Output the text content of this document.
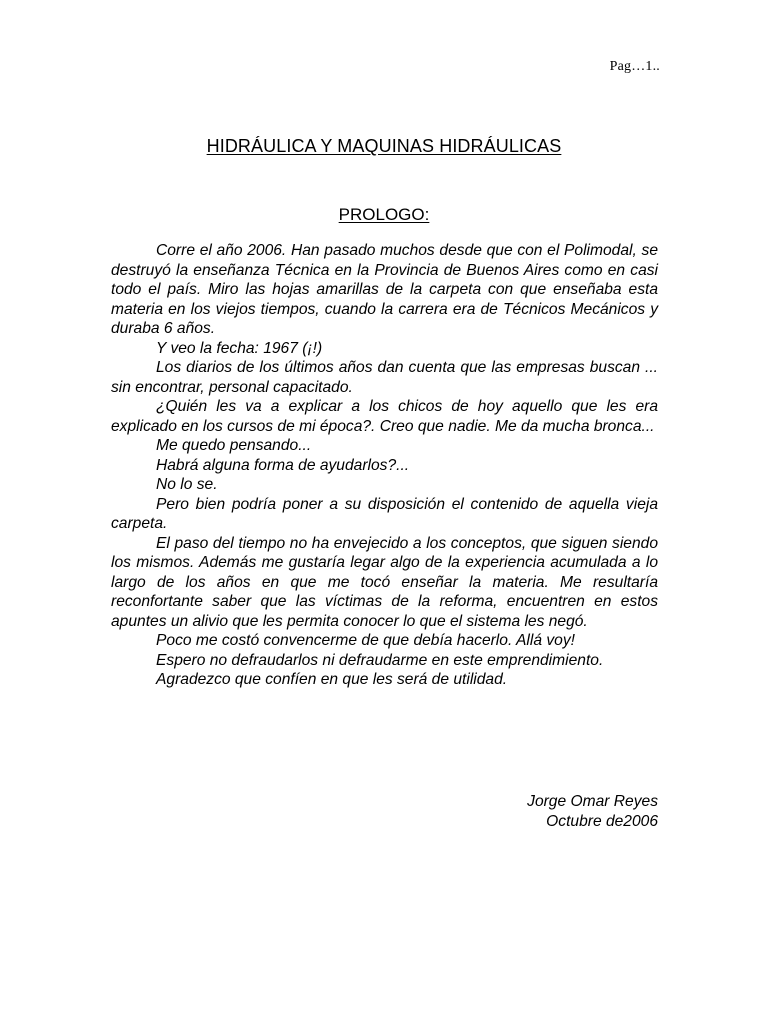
Pag…1..
HIDRÁULICA Y MAQUINAS HIDRÁULICAS
PROLOGO:

Corre el año 2006. Han pasado muchos desde que con el Polimodal, se destruyó la enseñanza Técnica en la Provincia de Buenos Aires como en casi todo el país. Miro las hojas amarillas de la carpeta con que enseñaba esta materia en los viejos tiempos, cuando la carrera era de Técnicos Mecánicos y duraba 6 años.

Y veo la fecha: 1967 (¡!)

Los diarios de los últimos años dan cuenta que las empresas buscan ... sin encontrar, personal capacitado.

¿Quién les va a explicar a los chicos de hoy aquello que les era explicado en los cursos de mi época?. Creo que nadie. Me da mucha bronca...

Me quedo pensando...

Habrá alguna forma de ayudarlos?...

No lo se.

Pero bien podría poner a su disposición el contenido de aquella vieja carpeta.

El paso del tiempo no ha envejecido a los conceptos, que siguen siendo los mismos. Además me gustaría legar algo de la experiencia acumulada a lo largo de los años en que me tocó enseñar la materia. Me resultaría reconfortante saber que las víctimas de la reforma, encuentren en estos apuntes un alivio que les permita conocer lo que el sistema les negó.

Poco me costó convencerme de que debía hacerlo. Allá voy!

Espero no defraudarlos ni defraudarme en este emprendimiento.

Agradezco que confíen en que les será de utilidad.

Jorge Omar Reyes
Octubre de2006
